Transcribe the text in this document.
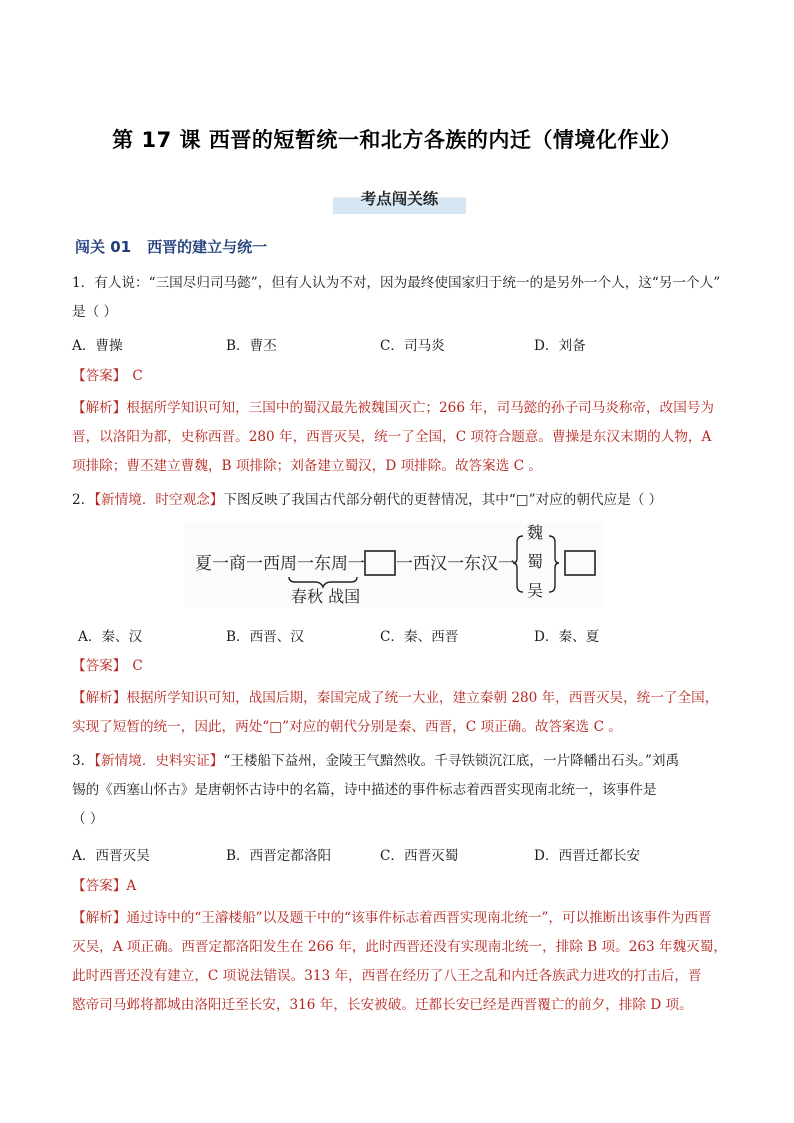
第 17 课 西晋的短暂统一和北方各族的内迁（情境化作业）
考点闯关练
闯关 01 西晋的建立与统一
1．有人说：“三国尽归司马懿”，但有人认为不对，因为最终使国家归于统一的是另外一个人，这“另一个人”
是（ ）
A．曹操	B．曹丕	C．司马炎	D．刘备
【答案】 C
【解析】根据所学知识可知，三国中的蜀汉最先被魏国灭亡；266 年，司马懿的孙子司马炎称帝，改国号为
晋，以洛阳为都，史称西晋。280 年，西晋灭吴，统一了全国，C 项符合题意。曹操是东汉末期的人物，A
项排除；曹丕建立曹魏，B 项排除；刘备建立蜀汉，D 项排除。故答案选 C 。
2．【新情境．时空观念】下图反映了我国古代部分朝代的更替情况，其中“□”对应的朝代应是（ ）
夏一商一西周一东周一 一西汉一东汉一
魏
蜀
吴
春秋 战国
A．秦、汉	B．西晋、汉	C．秦、西晋	D．秦、夏
【答案】 C
【解析】根据所学知识可知，战国后期，秦国完成了统一大业，建立秦朝 280 年，西晋灭吴，统一了全国，
实现了短暂的统一，因此，两处“□”对应的朝代分别是秦、西晋，C 项正确。故答案选 C 。
3．【新情境．史料实证】“王楼船下益州，金陵王气黯然收。千寻铁锁沉江底，一片降幡出石头。”刘禹
锡的《西塞山怀古》是唐朝怀古诗中的名篇，诗中描述的事件标志着西晋实现南北统一，该事件是
（ ）
A．西晋灭吴	B．西晋定都洛阳	C．西晋灭蜀	D．西晋迁都长安
【答案】A
【解析】通过诗中的“王濬楼船”以及题干中的“该事件标志着西晋实现南北统一”，可以推断出该事件为西晋
灭吴，A 项正确。西晋定都洛阳发生在 266 年，此时西晋还没有实现南北统一，排除 B 项。263 年魏灭蜀，
此时西晋还没有建立，C 项说法错误。313 年，西晋在经历了八王之乱和内迁各族武力进攻的打击后，晋
愍帝司马邺将都城由洛阳迁至长安，316 年，长安被破。迁都长安已经是西晋覆亡的前夕，排除 D 项。
